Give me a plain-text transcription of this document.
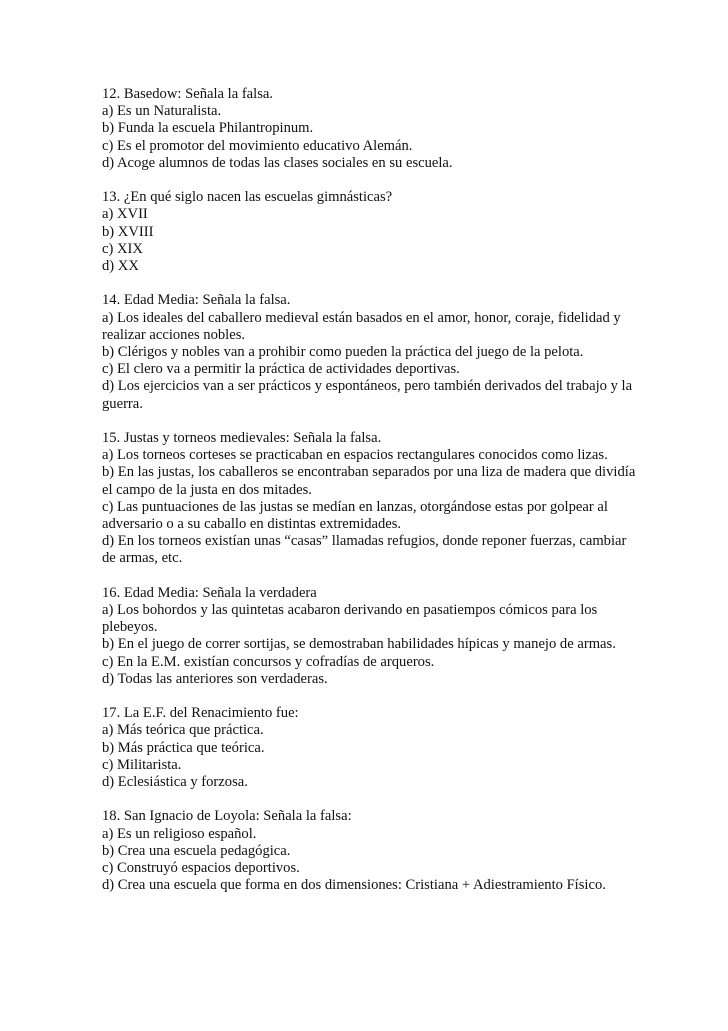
12. Basedow: Señala la falsa.
a) Es un Naturalista.
b) Funda la escuela Philantropinum.
c) Es el promotor del movimiento educativo Alemán.
d) Acoge alumnos de todas las clases sociales en su escuela.
13. ¿En qué siglo nacen las escuelas gimnásticas?
a) XVII
b) XVIII
c) XIX
d) XX
14. Edad Media: Señala la falsa.
a) Los ideales del caballero medieval están basados en el amor, honor, coraje, fidelidad y realizar acciones nobles.
b) Clérigos y nobles van a prohibir como pueden la práctica del juego de la pelota.
c) El clero va a permitir la práctica de actividades deportivas.
d) Los ejercicios van a ser prácticos y espontáneos, pero también derivados del trabajo y la guerra.
15. Justas y torneos medievales: Señala la falsa.
a) Los torneos corteses se practicaban en espacios rectangulares conocidos como lizas.
b) En las justas, los caballeros se encontraban separados por una liza de madera que dividía el campo de la justa en dos mitades.
c) Las puntuaciones de las justas se medían en lanzas, otorgándose estas por golpear al adversario o a su caballo en distintas extremidades.
d) En los torneos existían unas “casas” llamadas refugios, donde reponer fuerzas, cambiar de armas, etc.
16. Edad Media: Señala la verdadera
a) Los bohordos y las quintetas acabaron derivando en pasatiempos cómicos para los plebeyos.
b) En el juego de correr sortijas, se demostraban habilidades hípicas y manejo de armas.
c) En la E.M. existían concursos y cofradías de arqueros.
d) Todas las anteriores son verdaderas.
17. La E.F. del Renacimiento fue:
a) Más teórica que práctica.
b) Más práctica que teórica.
c) Militarista.
d) Eclesiástica y forzosa.
18. San Ignacio de Loyola: Señala la falsa:
a) Es un religioso español.
b) Crea una escuela pedagógica.
c) Construyó espacios deportivos.
d) Crea una escuela que forma en dos dimensiones: Cristiana + Adiestramiento Físico.
